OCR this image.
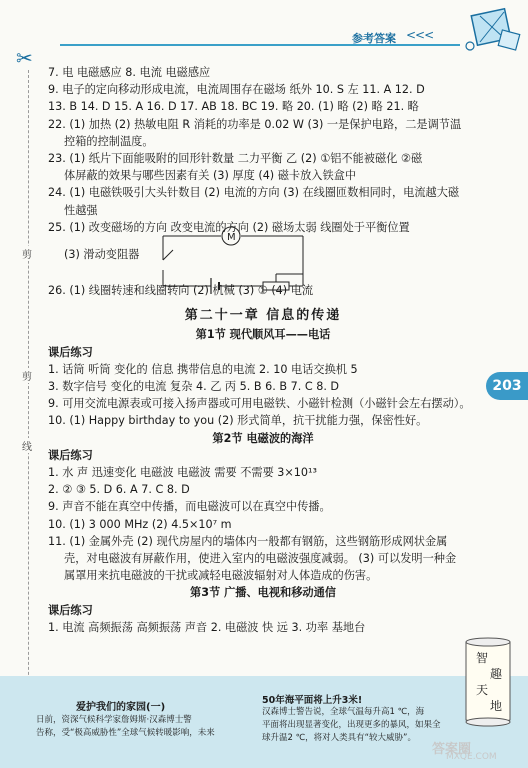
参考答案 <<<
✂
剪
剪
线
203
7. 电 电磁感应 8. 电流 电磁感应
9. 电子的定向移动形成电流，电流周围存在磁场 纸外 10. S 左 11. A 12. D
13. B 14. D 15. A 16. D 17. AB 18. BC 19. 略 20. (1) 略 (2) 略 21. 略
22. (1) 加热 (2) 热敏电阻 R 消耗的功率是 0.02 W (3) 一是保护电路，二是调节温
控箱的控制温度。
23. (1) 纸片下面能吸附的回形针数量 二力平衡 乙 (2) ①铝不能被磁化 ②磁
体屏蔽的效果与哪些因素有关 (3) 厚度 (4) 磁卡放入铁盒中
24. (1) 电磁铁吸引大头针数目 (2) 电流的方向 (3) 在线圈匝数相同时，电流越大磁
性越强
25. (1) 改变磁场的方向 改变电流的方向 (2) 磁场太弱 线圈处于平衡位置
(3) 滑动变阻器
M
26. (1) 线圈转速和线圈转向 (2) 机械 (3) ① (4) 电流
第二十一章 信息的传递
第1节 现代顺风耳——电话
课后练习
1. 话筒 听筒 变化的 信息 携带信息的电流 2. 10 电话交换机 5
3. 数字信号 变化的电流 复杂 4. 乙 丙 5. B 6. B 7. C 8. D
9. 可用交流电源表或可接入扬声器或可用电磁铁、小磁针检测（小磁针会左右摆动）。
10. (1) Happy birthday to you (2) 形式简单，抗干扰能力强，保密性好。
第2节 电磁波的海洋
课后练习
1. 水 声 迅速变化 电磁波 电磁波 需要 不需要 3×10¹³
2. ② ③ 5. D 6. A 7. C 8. D
9. 声音不能在真空中传播，而电磁波可以在真空中传播。
10. (1) 3 000 MHz (2) 4.5×10⁷ m
11. (1) 金属外壳 (2) 现代房屋内的墙体内一般都有钢筋，这些钢筋形成网状金属
壳，对电磁波有屏蔽作用，使进入室内的电磁波强度减弱。 (3) 可以发明一种金
属罩用来抗电磁波的干扰或减轻电磁波辐射对人体造成的伤害。
第3节 广播、电视和移动通信
课后练习
1. 电流 高频振荡 高频振荡 声音 2. 电磁波 快 远 3. 功率 基地台
爱护我们的家园(一)
50年海平面将上升3米!
日前，资深气候科学家詹姆斯·汉森博士警
告称，受“极高威胁性”全球气候转暖影响，未来
汉森博士警告说，全球气温每升高1 ℃，海
平面将出现显著变化，出现更多的暴风，如果全
球升温2 ℃，将对人类具有“较大威胁”。
智趣天地
答案圈
MXQE.COM
